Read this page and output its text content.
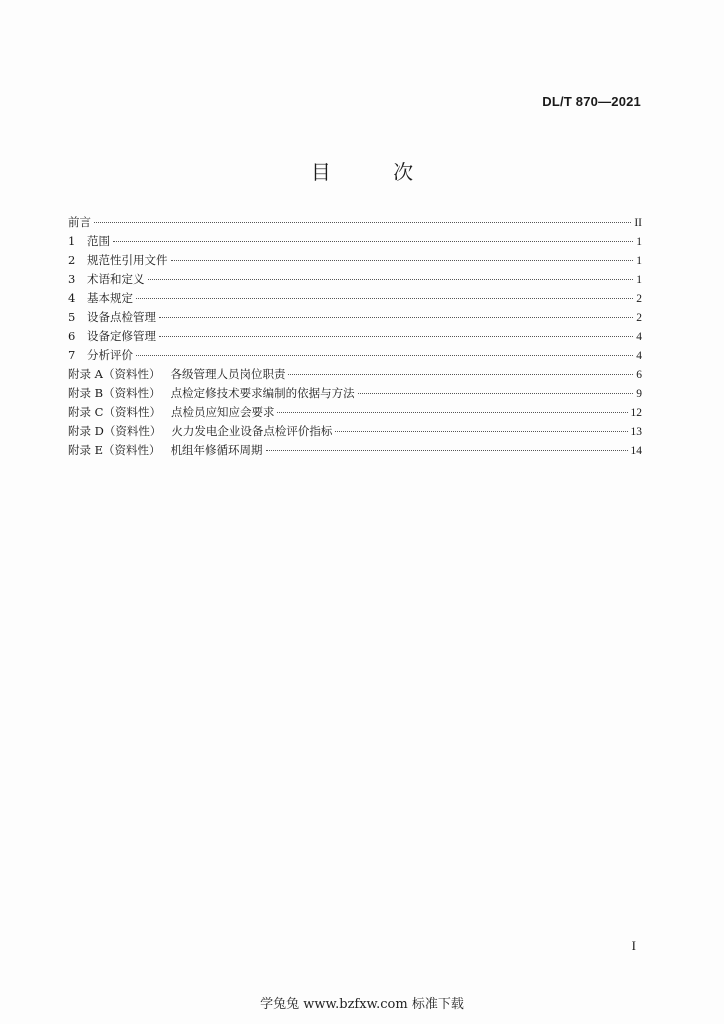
DL/T 870—2021
目 次
前言	II
1	范围	1
2	规范性引用文件	1
3	术语和定义	1
4	基本规定	2
5	设备点检管理	2
6	设备定修管理	4
7	分析评价	4
附录 A（资料性） 各级管理人员岗位职责	6
附录 B（资料性） 点检定修技术要求编制的依据与方法	9
附录 C（资料性） 点检员应知应会要求	12
附录 D（资料性） 火力发电企业设备点检评价指标	13
附录 E（资料性） 机组年修循环周期	14
I
学兔兔 www.bzfxw.com 标准下载
